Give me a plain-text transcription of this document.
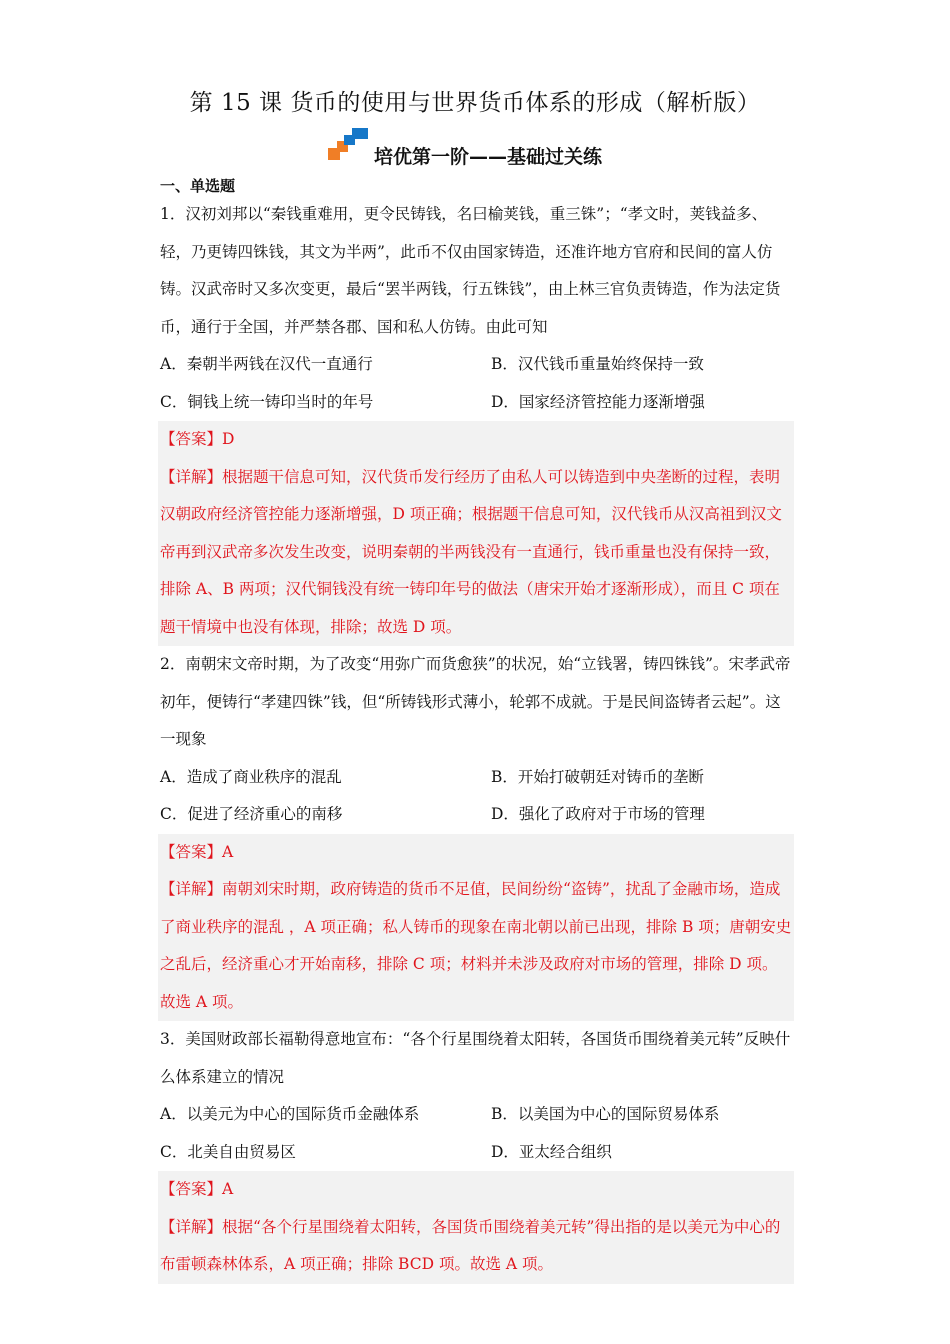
第 15 课 货币的使用与世界货币体系的形成（解析版）
培优第一阶——基础过关练
一、单选题

1．汉初刘邦以“秦钱重难用，更令民铸钱，名曰榆荚钱，重三铢”；“孝文时，荚钱益多、轻，乃更铸四铢钱，其文为半两”，此币不仅由国家铸造，还准许地方官府和民间的富人仿铸。汉武帝时又多次变更，最后“罢半两钱，行五铢钱”，由上林三官负责铸造，作为法定货币，通行于全国，并严禁各郡、国和私人仿铸。由此可知

A．秦朝半两钱在汉代一直通行	B．汉代钱币重量始终保持一致
C．铜钱上统一铸印当时的年号	D．国家经济管控能力逐渐增强

【答案】D

【详解】根据题干信息可知，汉代货币发行经历了由私人可以铸造到中央垄断的过程，表明汉朝政府经济管控能力逐渐增强，D 项正确；根据题干信息可知，汉代钱币从汉高祖到汉文帝再到汉武帝多次发生改变，说明秦朝的半两钱没有一直通行，钱币重量也没有保持一致，排除 A、B 两项；汉代铜钱没有统一铸印年号的做法（唐宋开始才逐渐形成），而且 C 项在题干情境中也没有体现，排除；故选 D 项。

2．南朝宋文帝时期，为了改变“用弥广而货愈狭”的状况，始“立钱署，铸四铢钱”。宋孝武帝初年，便铸行“孝建四铢”钱，但“所铸钱形式薄小，轮郭不成就。于是民间盗铸者云起”。这一现象

A．造成了商业秩序的混乱	B．开始打破朝廷对铸币的垄断
C．促进了经济重心的南移	D．强化了政府对于市场的管理

【答案】A

【详解】南朝刘宋时期，政府铸造的货币不足值，民间纷纷“盗铸”，扰乱了金融市场，造成了商业秩序的混乱 ，A 项正确；私人铸币的现象在南北朝以前已出现，排除 B 项；唐朝安史之乱后，经济重心才开始南移，排除 C 项；材料并未涉及政府对市场的管理，排除 D 项。故选 A 项。

3．美国财政部长福勒得意地宣布：“各个行星围绕着太阳转，各国货币围绕着美元转”反映什么体系建立的情况

A．以美元为中心的国际货币金融体系	B．以美国为中心的国际贸易体系
C．北美自由贸易区	D．亚太经合组织

【答案】A

【详解】根据“各个行星围绕着太阳转，各国货币围绕着美元转”得出指的是以美元为中心的布雷顿森林体系，A 项正确；排除 BCD 项。故选 A 项。
